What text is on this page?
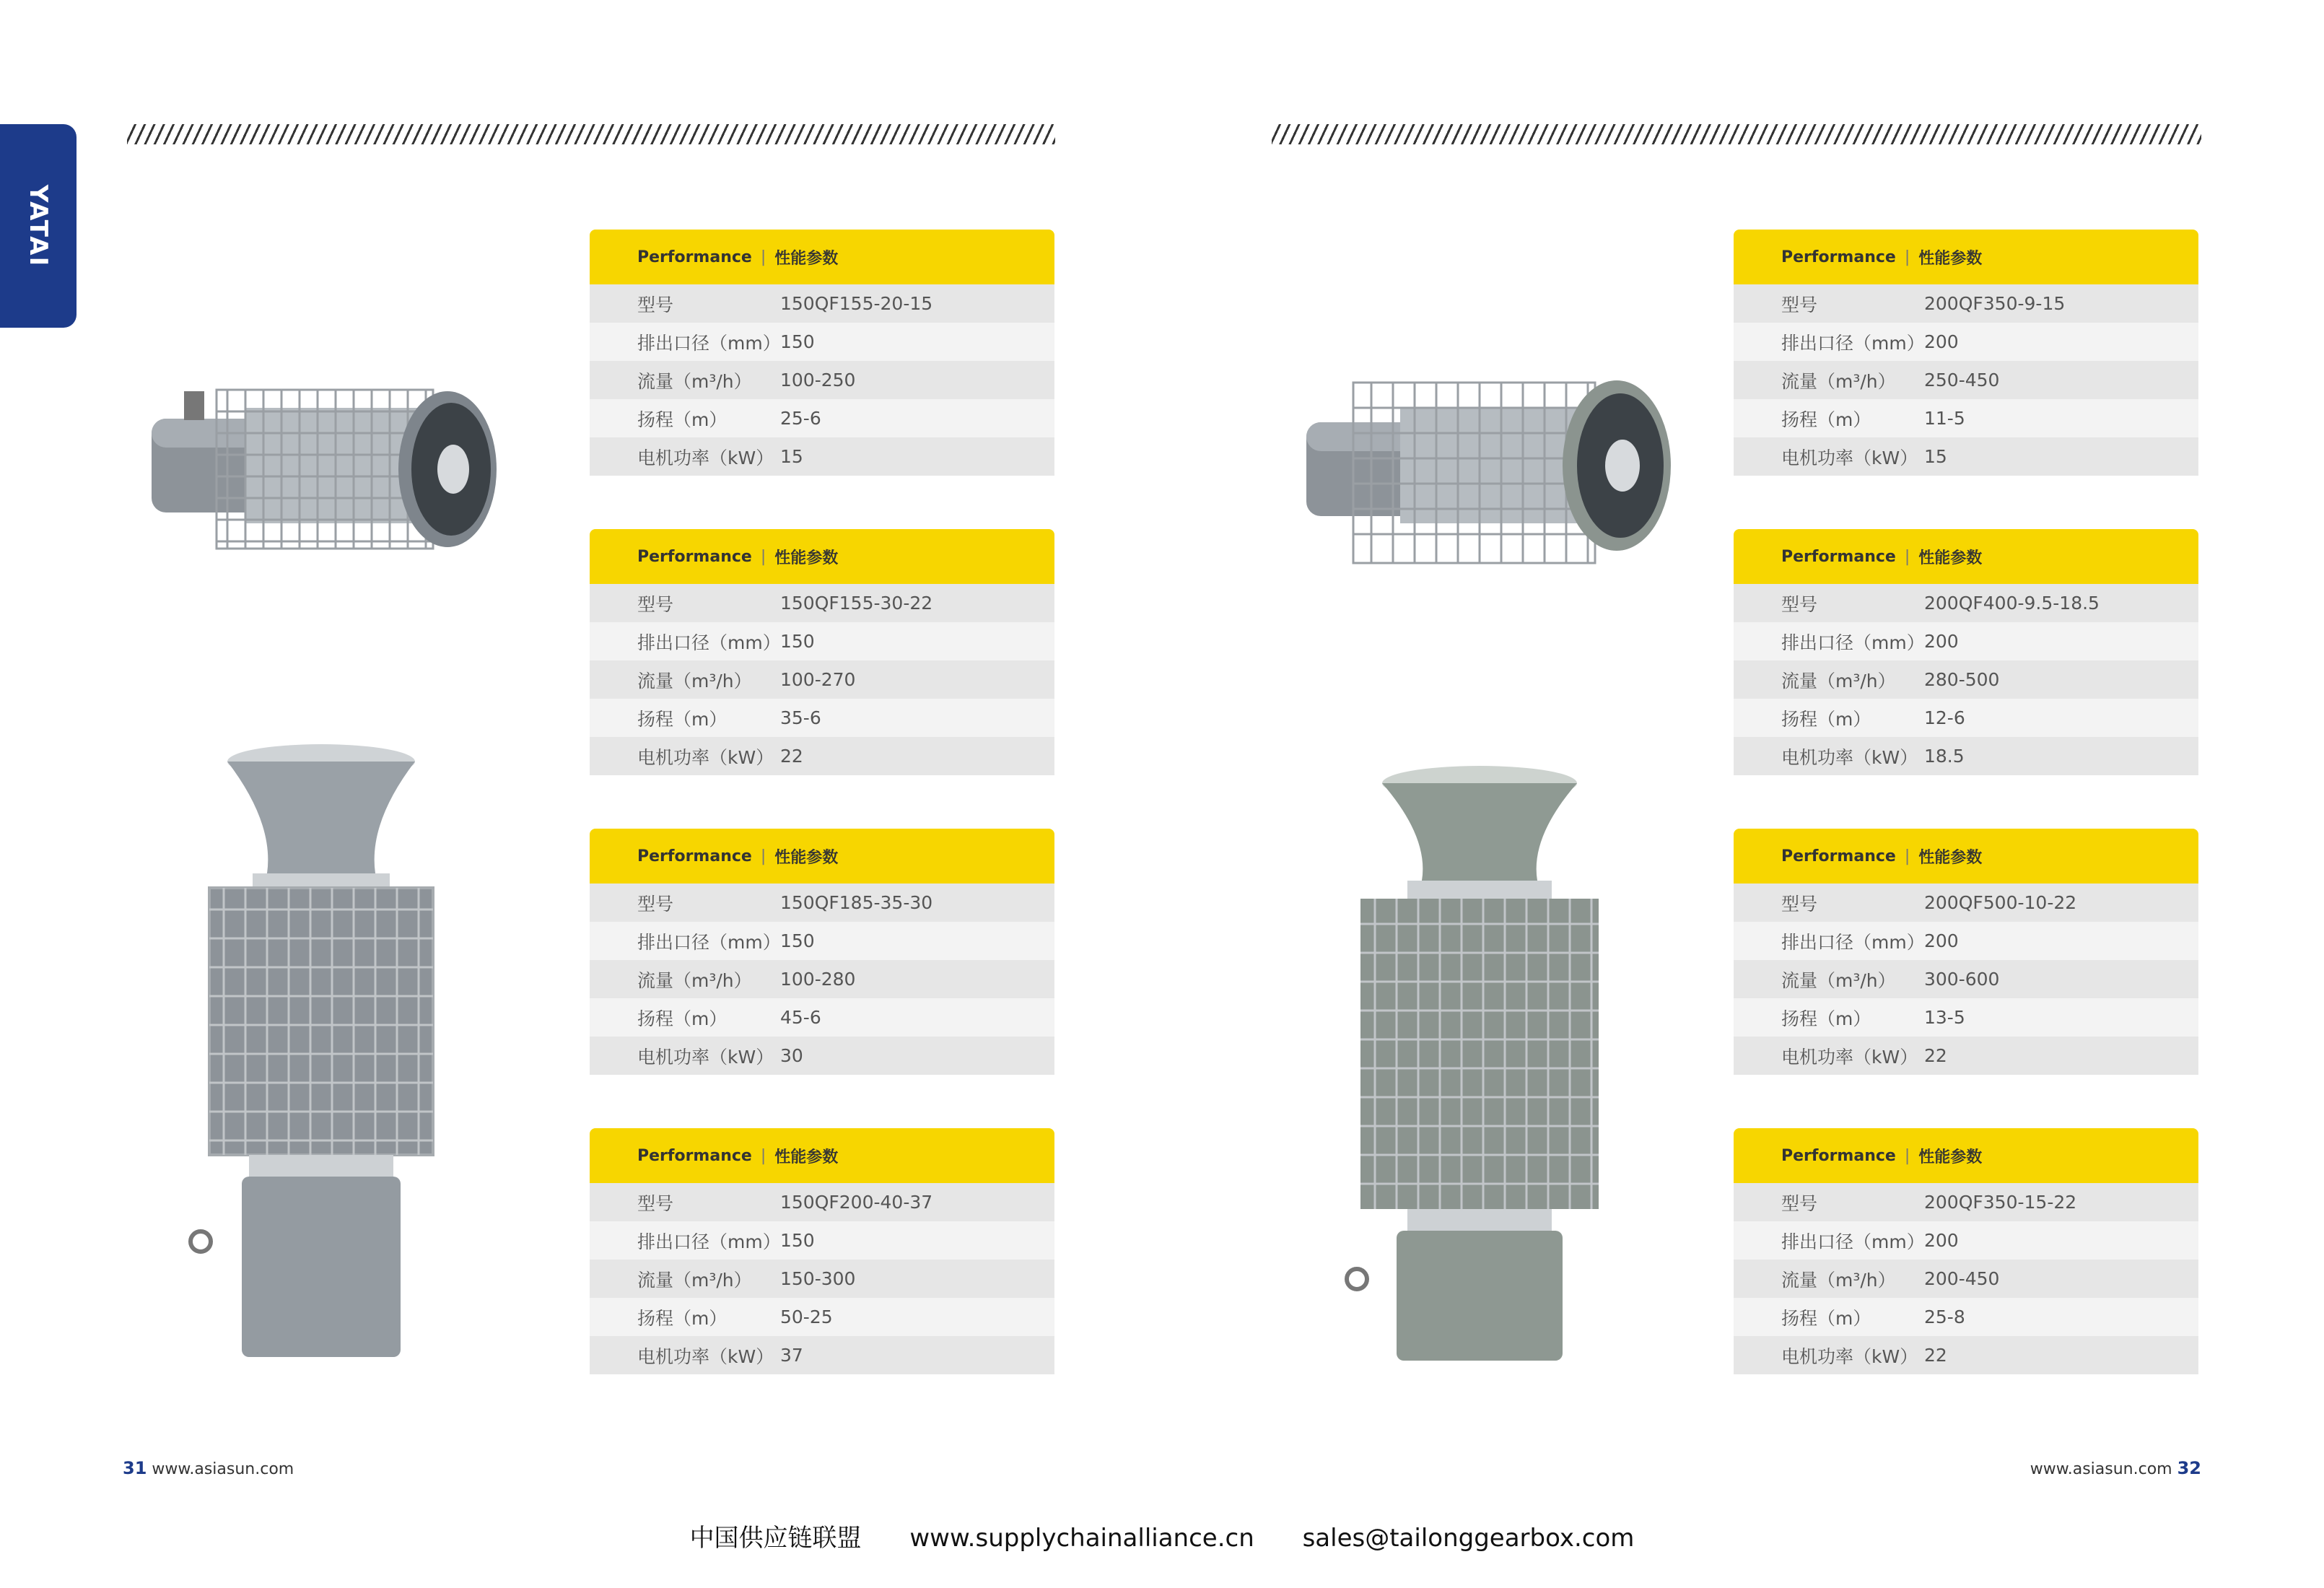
YATAI	Performance | 性能参数
型号	150QF155-20-15
排出口径（mm） 150
流量（m³/h）	100-250
扬程（m）	25-6
电机功率（kW） 15
Performance | 性能参数
型号	150QF155-30-22
排出口径（mm） 150
流量（m³/h）	100-270
扬程（m）	35-6
电机功率（kW） 22
Performance | 性能参数
型号	150QF185-35-30
排出口径（mm） 150
流量（m³/h）	100-280
扬程（m）	45-6
电机功率（kW） 30
Performance | 性能参数
型号	150QF200-40-37
排出口径（mm） 150
流量（m³/h）	150-300
扬程（m）	50-25
电机功率（kW） 37
Performance | 性能参数
型号	200QF350-9-15
排出口径（mm） 200
流量（m³/h）	250-450
扬程（m）	11-5
电机功率（kW） 15
Performance | 性能参数
型号	200QF400-9.5-18.5
排出口径（mm） 200
流量（m³/h）	280-500
扬程（m）	12-6
电机功率（kW） 18.5
Performance | 性能参数
型号	200QF500-10-22
排出口径（mm） 200
流量（m³/h）	300-600
扬程（m）	13-5
电机功率（kW） 22
Performance | 性能参数
型号	200QF350-15-22
排出口径（mm） 200
流量（m³/h）	200-450
扬程（m）	25-8
电机功率（kW） 22
31 www.asiasun.com	www.asiasun.com 32
中国供应链联盟 www.supplychainalliance.cn sales@tailonggearbox.com
